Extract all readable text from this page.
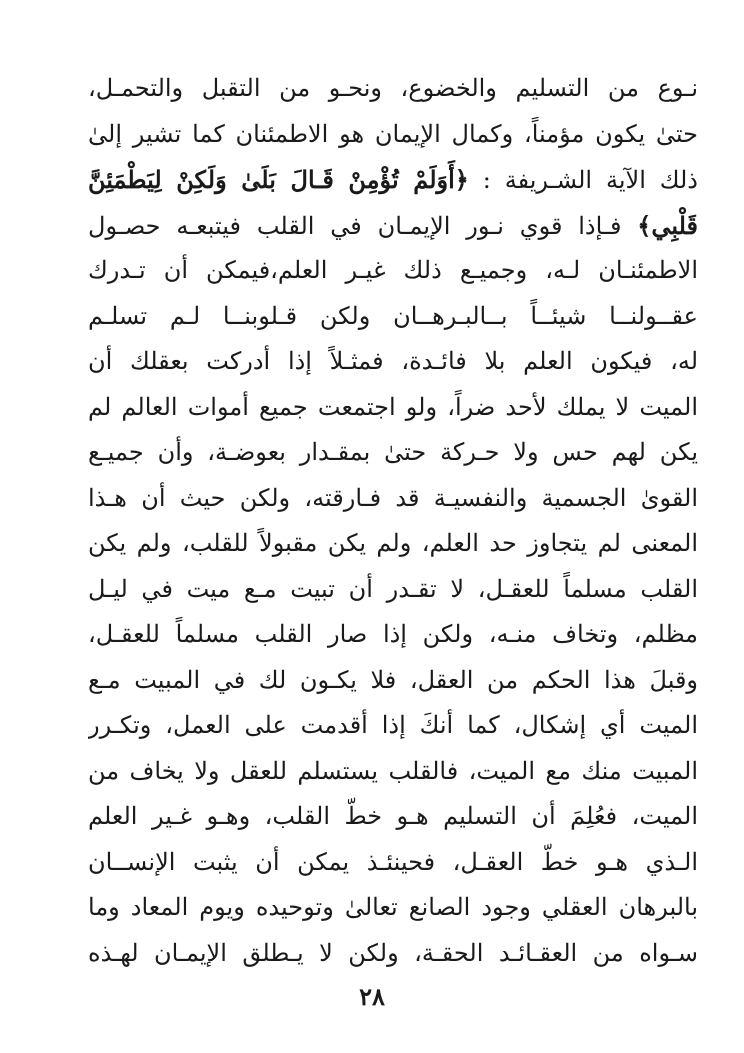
نـوع من التسليم والخضوع، ونحـو من التقبل والتحمـل،
حتىٰ يكون مؤمناً، وكمال الإيمان هو الاطمئنان كما تشير إلىٰ
ذلك الآية الشـريفة : ﴿أَوَلَمْ تُؤْمِنْ قَـالَ بَلَىٰ وَلَكِنْ لِيَطْمَئِنَّ
قَلْبِي﴾ فـإذا قوي نـور الإيمـان في القلب فيتبعـه حصـول
الاطمئنـان لـه، وجميـع ذلك غيـر العلم،فيمكن أن تـدرك
عقــولنــا شيئــاً بــالبـرهــان ولكن قـلوبنــا لـم تسلـم
له، فيكون العلم بلا فائـدة، فمثـلاً إذا أدركت بعقلك أن
الميت لا يملك لأحد ضراً، ولو اجتمعت جميع أموات العالم لم
يكن لهم حس ولا حـركة حتىٰ بمقـدار بعوضـة، وأن جميـع
القوىٰ الجسمية والنفسيـة قد فـارقته، ولكن حيث أن هـذا
المعنى لم يتجاوز حد العلم، ولم يكن مقبولاً للقلب، ولم يكن
القلب مسلماً للعقـل، لا تقـدر أن تبيت مـع ميت في ليـل
مظلم، وتخاف منـه، ولكن إذا صار القلب مسلماً للعقـل،
وقبلَ هذا الحكم من العقل، فلا يكـون لك في المبيت مـع
الميت أي إشكال، كما أنكَ إذا أقدمت على العمل، وتكـرر
المبيت منك مع الميت، فالقلب يستسلم للعقل ولا يخاف من
الميت، فعُلِمَ أن التسليم هـو خطّ القلب، وهـو غـير العلم
الـذي هـو خطّ العقـل، فحينئـذ يمكن أن يثبت الإنســان
بالبرهان العقلي وجود الصانع تعالىٰ وتوحيده ويوم المعاد وما
سـواه من العقـائـد الحقـة، ولكن لا يـطلق الإيمـان لهـذه
٢٨
